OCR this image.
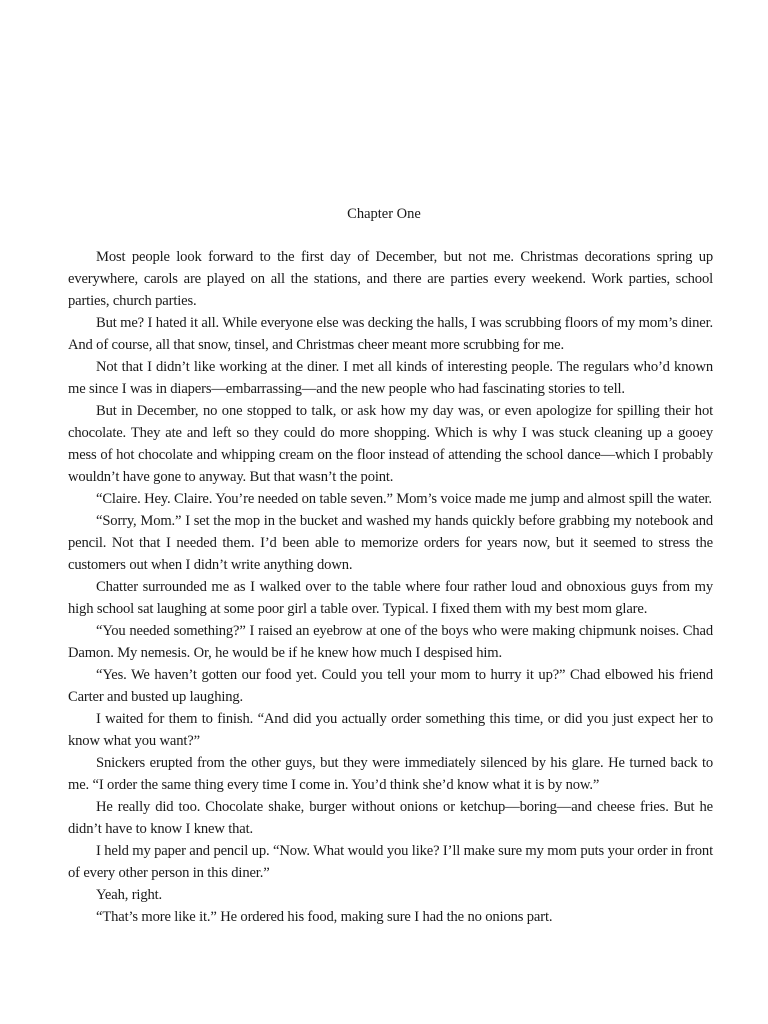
Chapter One

Most people look forward to the first day of December, but not me. Christmas decorations spring up everywhere, carols are played on all the stations, and there are parties every weekend. Work parties, school parties, church parties.

But me? I hated it all. While everyone else was decking the halls, I was scrubbing floors of my mom’s diner. And of course, all that snow, tinsel, and Christmas cheer meant more scrubbing for me.

Not that I didn’t like working at the diner. I met all kinds of interesting people. The regulars who’d known me since I was in diapers—embarrassing—and the new people who had fascinating stories to tell.

But in December, no one stopped to talk, or ask how my day was, or even apologize for spilling their hot chocolate. They ate and left so they could do more shopping. Which is why I was stuck cleaning up a gooey mess of hot chocolate and whipping cream on the floor instead of attending the school dance—which I probably wouldn’t have gone to anyway. But that wasn’t the point.

“Claire. Hey. Claire. You’re needed on table seven.” Mom’s voice made me jump and almost spill the water.

“Sorry, Mom.” I set the mop in the bucket and washed my hands quickly before grabbing my notebook and pencil. Not that I needed them. I’d been able to memorize orders for years now, but it seemed to stress the customers out when I didn’t write anything down.

Chatter surrounded me as I walked over to the table where four rather loud and obnoxious guys from my high school sat laughing at some poor girl a table over. Typical. I fixed them with my best mom glare.

“You needed something?” I raised an eyebrow at one of the boys who were making chipmunk noises. Chad Damon. My nemesis. Or, he would be if he knew how much I despised him.

“Yes. We haven’t gotten our food yet. Could you tell your mom to hurry it up?” Chad elbowed his friend Carter and busted up laughing.

I waited for them to finish. “And did you actually order something this time, or did you just expect her to know what you want?”

Snickers erupted from the other guys, but they were immediately silenced by his glare. He turned back to me. “I order the same thing every time I come in. You’d think she’d know what it is by now.”

He really did too. Chocolate shake, burger without onions or ketchup—boring—and cheese fries. But he didn’t have to know I knew that.

I held my paper and pencil up. “Now. What would you like? I’ll make sure my mom puts your order in front of every other person in this diner.”

Yeah, right.

“That’s more like it.” He ordered his food, making sure I had the no onions part.
